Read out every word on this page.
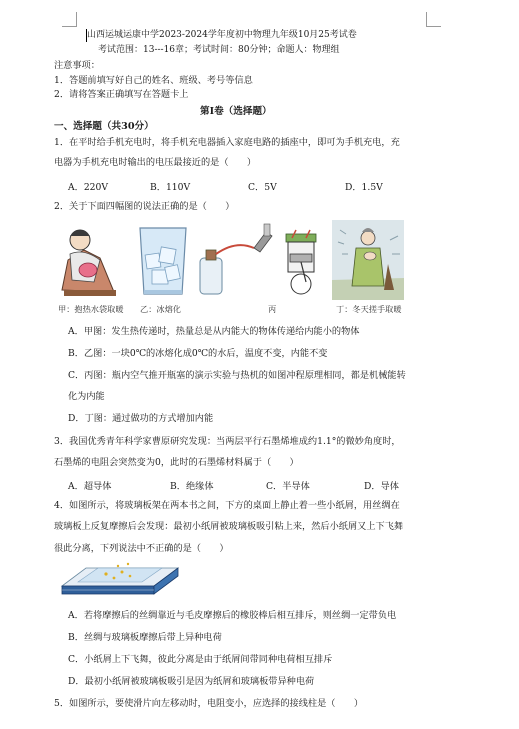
山西运城运康中学2023-2024学年度初中物理九年级10月25考试卷
考试范围：13---16章；考试时间：80分钟；命题人：物理组
注意事项：
1．答题前填写好自己的姓名、班级、考号等信息
2．请将答案正确填写在答题卡上
第Ⅰ卷（选择题）
一、选择题（共30分）
1．在平时给手机充电时，将手机充电器插入家庭电路的插座中，即可为手机充电，充
电器为手机充电时输出的电压最接近的是（　　）
A．220V	B．110V	C．5V	D．1.5V
2．关于下面四幅图的说法正确的是（　　）
甲：抱热水袋取暖 乙：冰熔化	丙	丁：冬天搓手取暖
A．甲图：发生热传递时，热量总是从内能大的物体传递给内能小的物体
B．乙图：一块0℃的冰熔化成0℃的水后，温度不变，内能不变
C．丙图：瓶内空气推开瓶塞的演示实验与热机的如图冲程原理相同，都是机械能转
化为内能
D．丁图：通过做功的方式增加内能
3．我国优秀青年科学家曹原研究发现：当两层平行石墨烯堆成约1.1°的微妙角度时，
石墨烯的电阻会突然变为0，此时的石墨烯材料属于（　　）
A．超导体	B．绝缘体	C．半导体	D．导体
4．如图所示，将玻璃板架在两本书之间，下方的桌面上静止着一些小纸屑，用丝绸在
玻璃板上反复摩擦后会发现：最初小纸屑被玻璃板吸引粘上来，然后小纸屑又上下飞舞
很此分离，下列说法中不正确的是（　　）
A．若将摩擦后的丝绸靠近与毛皮摩擦后的橡胶棒后相互排斥，则丝绸一定带负电
B．丝绸与玻璃板摩擦后带上异种电荷
C．小纸屑上下飞舞，彼此分离是由于纸屑间带同种电荷相互排斥
D．最初小纸屑被玻璃板吸引是因为纸屑和玻璃板带异种电荷
5．如图所示，要使滑片向左移动时，电阻变小，应选择的接线柱是（　　）
